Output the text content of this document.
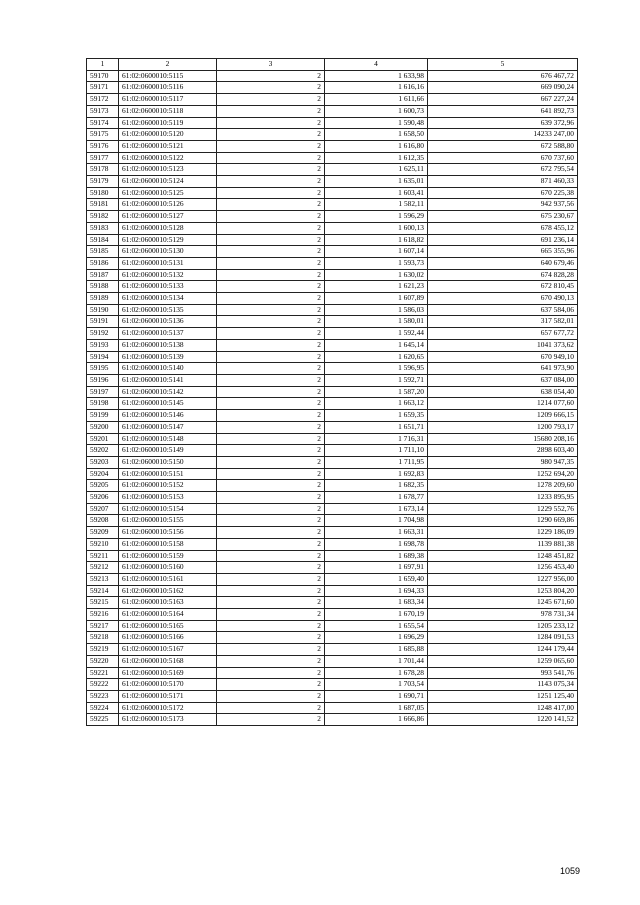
1	2	3	4	5
59170	61:02:0600010:5115	2	1 633,98	676 467,72
59171	61:02:0600010:5116	2	1 616,16	669 090,24
59172	61:02:0600010:5117	2	1 611,66	667 227,24
59173	61:02:0600010:5118	2	1 600,73	641 892,73
59174	61:02:0600010:5119	2	1 590,48	639 372,96
59175	61:02:0600010:5120	2	1 658,50	14233 247,00
59176	61:02:0600010:5121	2	1 616,80	672 588,80
59177	61:02:0600010:5122	2	1 612,35	670 737,60
59178	61:02:0600010:5123	2	1 625,11	672 795,54
59179	61:02:0600010:5124	2	1 635,01	871 460,33
59180	61:02:0600010:5125	2	1 603,41	670 225,38
59181	61:02:0600010:5126	2	1 582,11	942 937,56
59182	61:02:0600010:5127	2	1 596,29	675 230,67
59183	61:02:0600010:5128	2	1 600,13	678 455,12
59184	61:02:0600010:5129	2	1 618,82	691 236,14
59185	61:02:0600010:5130	2	1 607,14	665 355,96
59186	61:02:0600010:5131	2	1 593,73	640 679,46
59187	61:02:0600010:5132	2	1 630,02	674 828,28
59188	61:02:0600010:5133	2	1 621,23	672 810,45
59189	61:02:0600010:5134	2	1 607,89	670 490,13
59190	61:02:0600010:5135	2	1 586,03	637 584,06
59191	61:02:0600010:5136	2	1 580,01	317 582,01
59192	61:02:0600010:5137	2	1 592,44	657 677,72
59193	61:02:0600010:5138	2	1 645,14	1041 373,62
59194	61:02:0600010:5139	2	1 620,65	670 949,10
59195	61:02:0600010:5140	2	1 596,95	641 973,90
59196	61:02:0600010:5141	2	1 592,71	637 084,00
59197	61:02:0600010:5142	2	1 587,20	638 054,40
59198	61:02:0600010:5145	2	1 663,12	1214 077,60
59199	61:02:0600010:5146	2	1 659,35	1209 666,15
59200	61:02:0600010:5147	2	1 651,71	1200 793,17
59201	61:02:0600010:5148	2	1 716,31	15680 208,16
59202	61:02:0600010:5149	2	1 711,10	2898 603,40
59203	61:02:0600010:5150	2	1 711,95	980 947,35
59204	61:02:0600010:5151	2	1 692,83	1252 694,20
59205	61:02:0600010:5152	2	1 682,35	1278 209,60
59206	61:02:0600010:5153	2	1 678,77	1233 895,95
59207	61:02:0600010:5154	2	1 673,14	1229 552,76
59208	61:02:0600010:5155	2	1 704,98	1290 669,86
59209	61:02:0600010:5156	2	1 663,31	1229 186,09
59210	61:02:0600010:5158	2	1 698,78	1139 881,38
59211	61:02:0600010:5159	2	1 689,38	1248 451,82
59212	61:02:0600010:5160	2	1 697,91	1256 453,40
59213	61:02:0600010:5161	2	1 659,40	1227 956,00
59214	61:02:0600010:5162	2	1 694,33	1253 804,20
59215	61:02:0600010:5163	2	1 683,34	1245 671,60
59216	61:02:0600010:5164	2	1 670,19	978 731,34
59217	61:02:0600010:5165	2	1 655,54	1205 233,12
59218	61:02:0600010:5166	2	1 696,29	1284 091,53
59219	61:02:0600010:5167	2	1 685,88	1244 179,44
59220	61:02:0600010:5168	2	1 701,44	1259 065,60
59221	61:02:0600010:5169	2	1 678,28	993 541,76
59222	61:02:0600010:5170	2	1 703,54	1143 075,34
59223	61:02:0600010:5171	2	1 690,71	1251 125,40
59224	61:02:0600010:5172	2	1 687,05	1248 417,00
59225	61:02:0600010:5173	2	1 666,86	1220 141,52
1059
